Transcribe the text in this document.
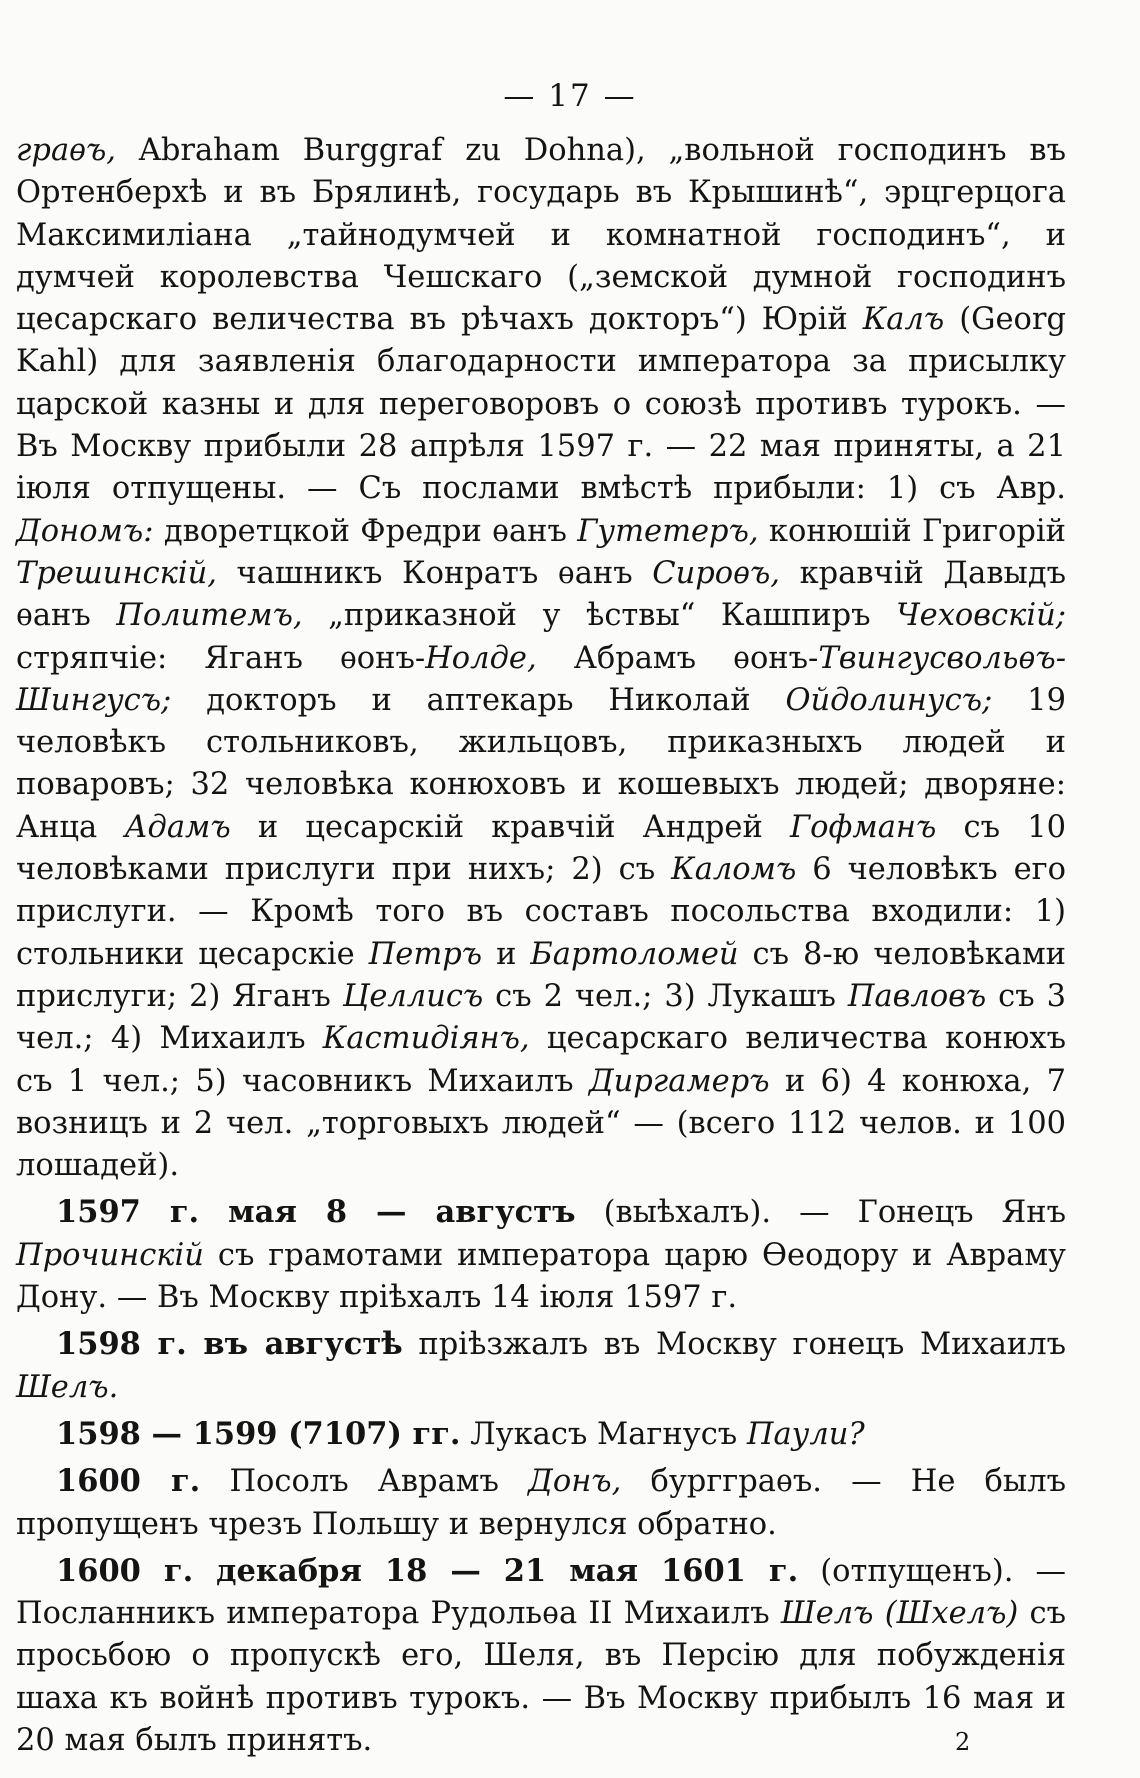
— 17 —

граѳъ, Abraham Burggraf zu Dohna), „вольной господинъ въ Ортенберхѣ и въ Брялинѣ, государь въ Крышинѣ“, эрцгерцога Максимиліана „тайнодумчей и комнатной господинъ“, и думчей королевства Чешскаго („земской думной господинъ цесарскаго величества въ рѣчахъ докторъ“) Юрій Калъ (Georg Kahl) для заявленія благодарности императора за присылку царской казны и для переговоровъ о союзѣ противъ турокъ. — Въ Москву прибыли 28 апрѣля 1597 г. — 22 мая приняты, а 21 іюля отпущены. — Съ послами вмѣстѣ прибыли: 1) съ Авр. Дономъ: дворетцкой Фредри ѳанъ Гутетеръ, конюшій Григорій Трешинскій, чашникъ Конратъ ѳанъ Сироѳъ, кравчій Давыдъ ѳанъ Политемъ, „приказной у ѣствы“ Кашпиръ Чеховскій; стряпчіе: Яганъ ѳонъ-Нолде, Абрамъ ѳонъ-Твингусвольѳъ-Шингусъ; докторъ и аптекарь Николай Ойдолинусъ; 19 человѣкъ стольниковъ, жильцовъ, приказныхъ людей и поваровъ; 32 человѣка конюховъ и кошевыхъ людей; дворяне: Анца Адамъ и цесарскій кравчій Андрей Гофманъ съ 10 человѣками прислуги при нихъ; 2) съ Каломъ 6 человѣкъ его прислуги. — Кромѣ того въ составъ посольства входили: 1) стольники цесарскіе Петръ и Бартоломей съ 8-ю человѣками прислуги; 2) Яганъ Целлисъ съ 2 чел.; 3) Лукашъ Павловъ съ 3 чел.; 4) Михаилъ Кастидіянъ, цесарскаго величества конюхъ съ 1 чел.; 5) часовникъ Михаилъ Диргамеръ и 6) 4 конюха, 7 возницъ и 2 чел. „торговыхъ людей“ — (всего 112 челов. и 100 лошадей).

1597 г. мая 8 — августъ (выѣхалъ). — Гонецъ Янъ Прочинскій съ грамотами императора царю Ѳеодору и Авраму Дону. — Въ Москву пріѣхалъ 14 іюля 1597 г.

1598 г. въ августѣ пріѣзжалъ въ Москву гонецъ Михаилъ Шелъ.

1598 — 1599 (7107) гг. Лукасъ Магнусъ Паули?

1600 г. Посолъ Аврамъ Донъ, бургграѳъ. — Не былъ пропущенъ чрезъ Польшу и вернулся обратно.

1600 г. декабря 18 — 21 мая 1601 г. (отпущенъ). — Посланникъ императора Рудольѳа II Михаилъ Шелъ (Шхелъ) съ просьбою о пропускѣ его, Шеля, въ Персію для побужденія шаха къ войнѣ противъ турокъ. — Въ Москву прибылъ 16 мая и 20 мая былъ принятъ.	2
